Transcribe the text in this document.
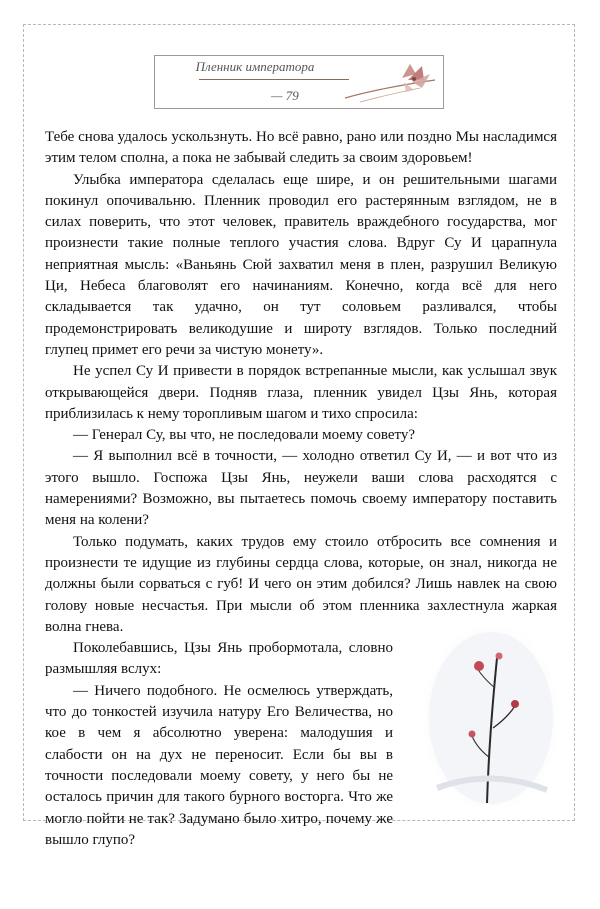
Пленник императора
— 79

Тебе снова удалось ускользнуть. Но всё равно, рано или поздно Мы насладимся этим телом сполна, а пока не забывай следить за своим здоровьем!

Улыбка императора сделалась еще шире, и он решительными шагами покинул опочивальню. Пленник проводил его растерянным взглядом, не в силах поверить, что этот человек, правитель враждебного государства, мог произнести такие полные теплого участия слова. Вдруг Су И царапнула неприятная мысль: «Ваньянь Сюй захватил меня в плен, разрушил Великую Ци, Небеса благоволят его начинаниям. Конечно, когда всё для него складывается так удачно, он тут соловьем разливался, чтобы продемонстрировать великодушие и широту взглядов. Только последний глупец примет его речи за чистую монету».

Не успел Су И привести в порядок встрепанные мысли, как услышал звук открывающейся двери. Подняв глаза, пленник увидел Цзы Янь, которая приблизилась к нему торопливым шагом и тихо спросила:

— Генерал Су, вы что, не последовали моему совету?

— Я выполнил всё в точности, — холодно ответил Су И, — и вот что из этого вышло. Госпожа Цзы Янь, неужели ваши слова расходятся с намерениями? Возможно, вы пытаетесь помочь своему императору поставить меня на колени?

Только подумать, каких трудов ему стоило отбросить все сомнения и произнести те идущие из глубины сердца слова, которые, он знал, никогда не должны были сорваться с губ! И чего он этим добился? Лишь навлек на свою голову новые несчастья. При мысли об этом пленника захлестнула жаркая волна гнева.

Поколебавшись, Цзы Янь пробормотала, словно размышляя вслух:

— Ничего подобного. Не осмелюсь утверждать, что до тонкостей изучила натуру Его Величества, но кое в чем я абсолютно уверена: малодушия и слабости он на дух не переносит. Если бы вы в точности последовали моему совету, у него бы не осталось причин для такого бурного восторга. Что же могло пойти не так? Задумано было хитро, почему же вышло глупо?
